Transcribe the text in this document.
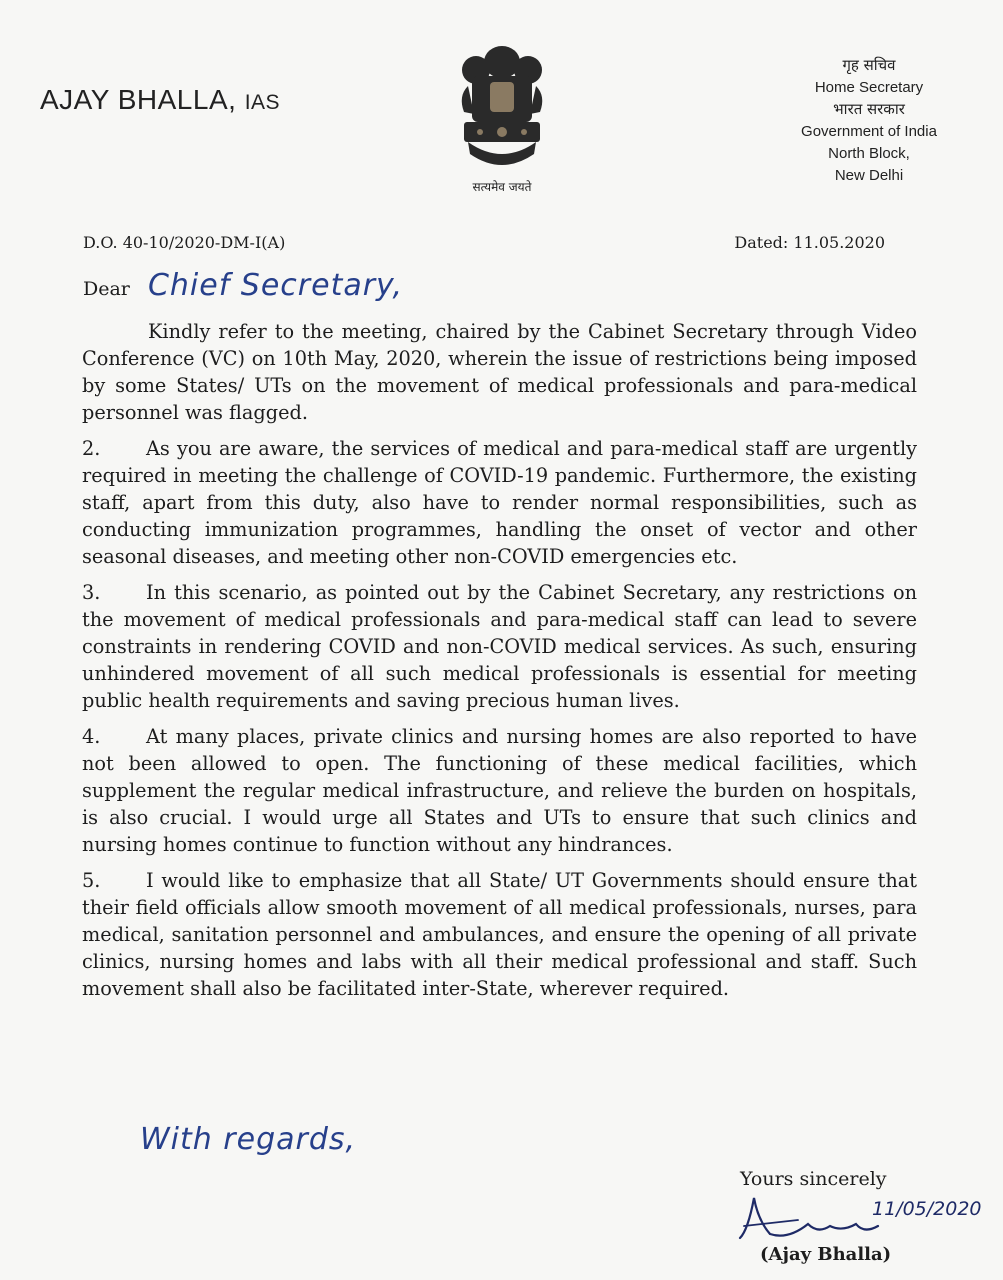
AJAY BHALLA, IAS
सत्यमेव जयते
गृह सचिव
Home Secretary
भारत सरकार
Government of India
North Block,
New Delhi
D.O. 40-10/2020-DM-I(A)	Dated: 11.05.2020
Dear Chief Secretary,

Kindly refer to the meeting, chaired by the Cabinet Secretary through Video Conference (VC) on 10th May, 2020, wherein the issue of restrictions being imposed by some States/ UTs on the movement of medical professionals and para-medical personnel was flagged.

2. As you are aware, the services of medical and para-medical staff are urgently required in meeting the challenge of COVID-19 pandemic. Furthermore, the existing staff, apart from this duty, also have to render normal responsibilities, such as conducting immunization programmes, handling the onset of vector and other seasonal diseases, and meeting other non-COVID emergencies etc.

3. In this scenario, as pointed out by the Cabinet Secretary, any restrictions on the movement of medical professionals and para-medical staff can lead to severe constraints in rendering COVID and non-COVID medical services. As such, ensuring unhindered movement of all such medical professionals is essential for meeting public health requirements and saving precious human lives.

4. At many places, private clinics and nursing homes are also reported to have not been allowed to open. The functioning of these medical facilities, which supplement the regular medical infrastructure, and relieve the burden on hospitals, is also crucial. I would urge all States and UTs to ensure that such clinics and nursing homes continue to function without any hindrances.

5. I would like to emphasize that all State/ UT Governments should ensure that their field officials allow smooth movement of all medical professionals, nurses, para medical, sanitation personnel and ambulances, and ensure the opening of all private clinics, nursing homes and labs with all their medical professional and staff. Such movement shall also be facilitated inter-State, wherever required.

With regards,
Yours sincerely
11/05/2020
(Ajay Bhalla)
